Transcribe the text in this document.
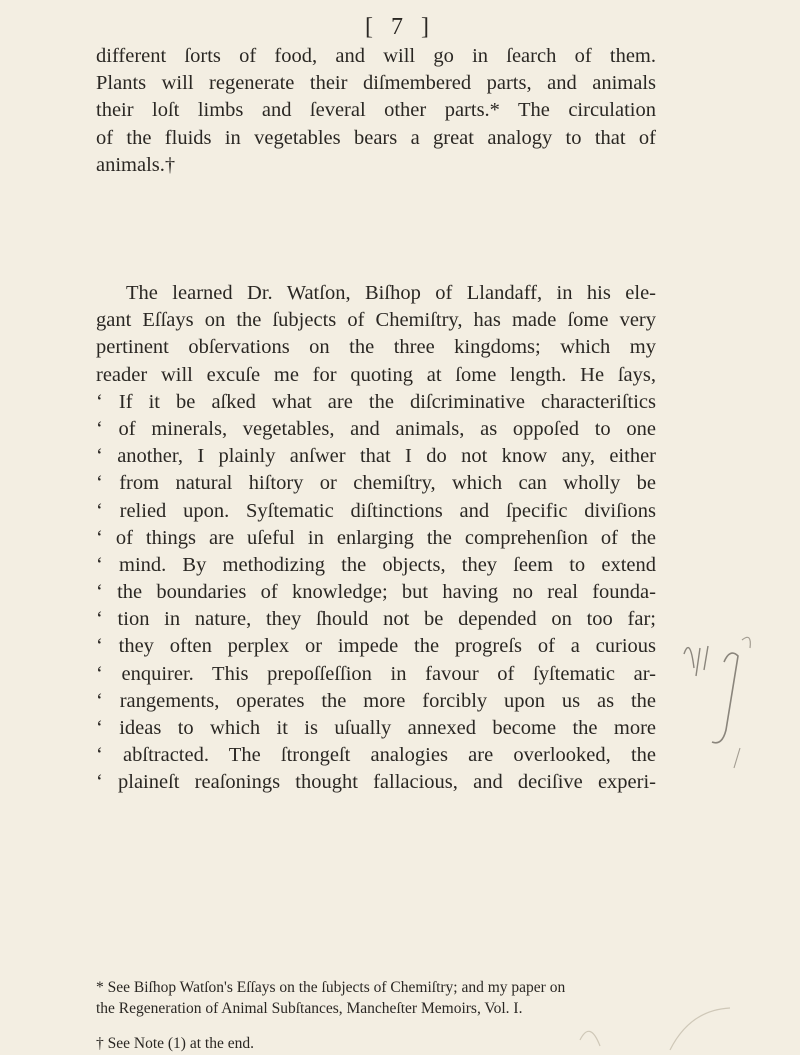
[ 7 ]
different ſorts of food, and will go in ſearch of them.
Plants will regenerate their diſmembered parts, and animals
their loſt limbs and ſeveral other parts.* The circulation
of the fluids in vegetables bears a great analogy to that of
animals.†
The learned Dr. Watſon, Biſhop of Llandaff, in his ele-
gant Eſſays on the ſubjects of Chemiſtry, has made ſome very
pertinent obſervations on the three kingdoms; which my
reader will excuſe me for quoting at ſome length. He ſays,
‘ If it be aſked what are the diſcriminative characteriſtics
‘ of minerals, vegetables, and animals, as oppoſed to one
‘ another, I plainly anſwer that I do not know any, either
‘ from natural hiſtory or chemiſtry, which can wholly be
‘ relied upon. Syſtematic diſtinctions and ſpecific diviſions
‘ of things are uſeful in enlarging the comprehenſion of the
‘ mind. By methodizing the objects, they ſeem to extend
‘ the boundaries of knowledge; but having no real founda-
‘ tion in nature, they ſhould not be depended on too far;
‘ they often perplex or impede the progreſs of a curious
‘ enquirer. This prepoſſeſſion in favour of ſyſtematic ar-
‘ rangements, operates the more forcibly upon us as the
‘ ideas to which it is uſually annexed become the more
‘ abſtracted. The ſtrongeſt analogies are overlooked, the
‘ plaineſt reaſonings thought fallacious, and deciſive experi-
* See Biſhop Watſon's Eſſays on the ſubjects of Chemiſtry; and my paper on
the Regeneration of Animal Subſtances, Mancheſter Memoirs, Vol. I.
† See Note (1) at the end.
